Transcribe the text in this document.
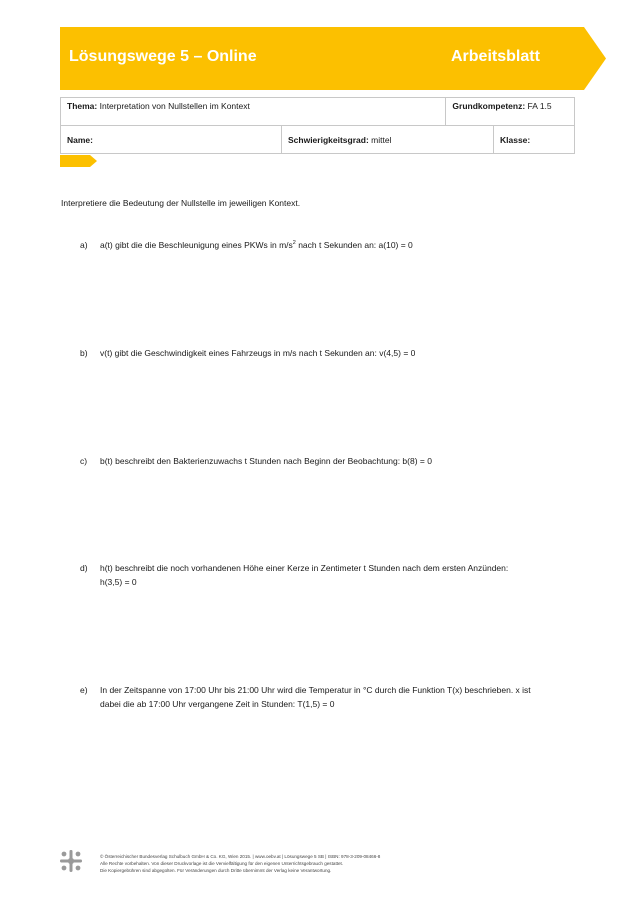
Lösungswege 5 – Online	Arbeitsblatt
Thema: Interpretation von Nullstellen im Kontext		Grundkompetenz: FA 1.5	
Name:	Schwierigkeitsgrad: mittel		Klasse:
Interpretiere die Bedeutung der Nullstelle im jeweiligen Kontext.
a) a(t) gibt die die Beschleunigung eines PKWs in $m/s^2$ nach t Sekunden an: a(10) = 0
b) v(t) gibt die Geschwindigkeit eines Fahrzeugs in m/s nach t Sekunden an: v(4,5) = 0
c) b(t) beschreibt den Bakterienzuwachs t Stunden nach Beginn der Beobachtung: b(8) = 0
d) h(t) beschreibt die noch vorhandenen Höhe einer Kerze in Zentimeter t Stunden nach dem ersten Anzünden:
h(3,5) = 0
e) In der Zeitspanne von 17:00 Uhr bis 21:00 Uhr wird die Temperatur in °C durch die Funktion T(x) beschrieben. x ist
dabei die ab 17:00 Uhr vergangene Zeit in Stunden: T(1,5) = 0
© Österreichischer Bundesverlag Schulbuch GmbH & Co. KG, Wien 2015. | www.oebv.at | Lösungswege 5 SB | ISBN: 978-3-209-08466-8
Alle Rechte vorbehalten. Von dieser Druckvorlage ist die Vervielfältigung für den eigenen Unterrichtsgebrauch gestattet.
Die Kopiergebühren sind abgegolten. Für Veränderungen durch Dritte übernimmt der Verlag keine Verantwortung.
